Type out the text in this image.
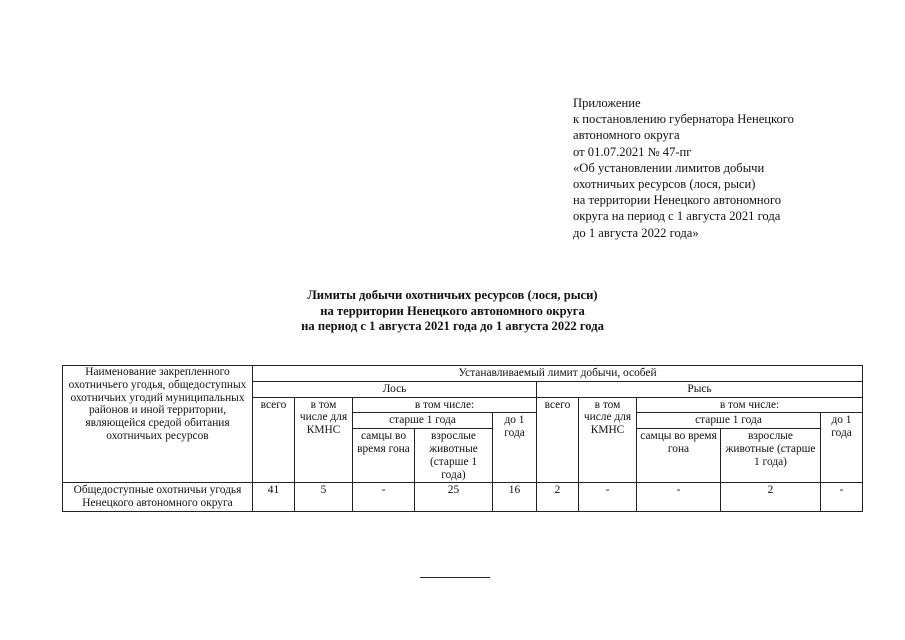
Приложение
к постановлению губернатора Ненецкого
автономного округа
от 01.07.2021 № 47-пг
«Об установлении лимитов добычи
охотничьих ресурсов (лося, рыси)
на территории Ненецкого автономного
округа на период с 1 августа 2021 года
до 1 августа 2022 года»
Лимиты добычи охотничьих ресурсов (лося, рыси)
на территории Ненецкого автономного округа
на период с 1 августа 2021 года до 1 августа 2022 года
Наименование закрепленного охотничьего угодья, общедоступных охотничьих угодий муниципальных районов и иной территории, являющейся средой обитания охотничьих ресурсов	Устанавливаемый лимит добычи, особей									
	Лось					Рысь				
	всего	в том числе для КМНС	в том числе:			всего	в том числе для КМНС	в том числе:		
			старше 1 года		до 1 года			старше 1 года		до 1 года
			самцы во время гона	взрослые животные (старше 1 года)				самцы во время гона	взрослые животные (старше 1 года)	
Общедоступные охотничьи угодья Ненецкого автономного округа	41	5	-	25	16	2	-	-	2	-
